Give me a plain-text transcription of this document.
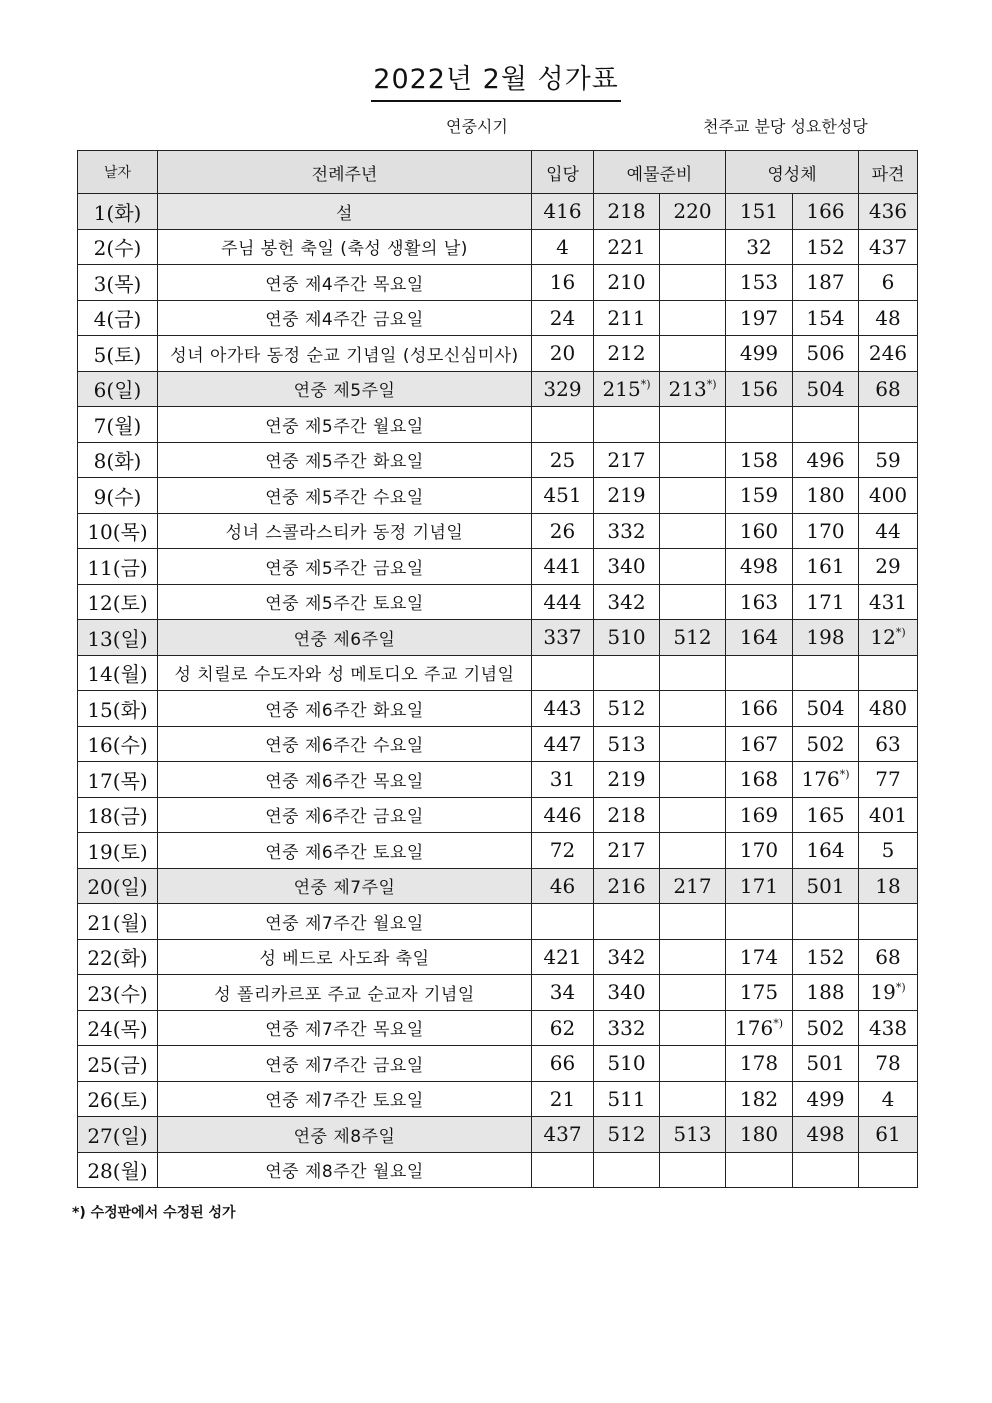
2022년 2월 성가표
연중시기	천주교 분당 성요한성당
날자	전례주년	입당	예물준비		영성체		파견
1(화)	설	416	218	220	151	166	436
2(수)	주님 봉헌 축일 (축성 생활의 날)	4	221		32	152	437
3(목)	연중 제4주간 목요일	16	210		153	187	6
4(금)	연중 제4주간 금요일	24	211		197	154	48
5(토)	성녀 아가타 동정 순교 기념일 (성모신심미사)	20	212		499	506	246
6(일)	연중 제5주일	329	215*)	213*)	156	504	68
7(월)	연중 제5주간 월요일						
8(화)	연중 제5주간 화요일	25	217		158	496	59
9(수)	연중 제5주간 수요일	451	219		159	180	400
10(목)	성녀 스콜라스티카 동정 기념일	26	332		160	170	44
11(금)	연중 제5주간 금요일	441	340		498	161	29
12(토)	연중 제5주간 토요일	444	342		163	171	431
13(일)	연중 제6주일	337	510	512	164	198	12*)
14(월)	성 치릴로 수도자와 성 메토디오 주교 기념일						
15(화)	연중 제6주간 화요일	443	512		166	504	480
16(수)	연중 제6주간 수요일	447	513		167	502	63
17(목)	연중 제6주간 목요일	31	219		168	176*)	77
18(금)	연중 제6주간 금요일	446	218		169	165	401
19(토)	연중 제6주간 토요일	72	217		170	164	5
20(일)	연중 제7주일	46	216	217	171	501	18
21(월)	연중 제7주간 월요일						
22(화)	성 베드로 사도좌 축일	421	342		174	152	68
23(수)	성 폴리카르포 주교 순교자 기념일	34	340		175	188	19*)
24(목)	연중 제7주간 목요일	62	332		176*)	502	438
25(금)	연중 제7주간 금요일	66	510		178	501	78
26(토)	연중 제7주간 토요일	21	511		182	499	4
27(일)	연중 제8주일	437	512	513	180	498	61
28(월)	연중 제8주간 월요일						
*) 수정판에서 수정된 성가
